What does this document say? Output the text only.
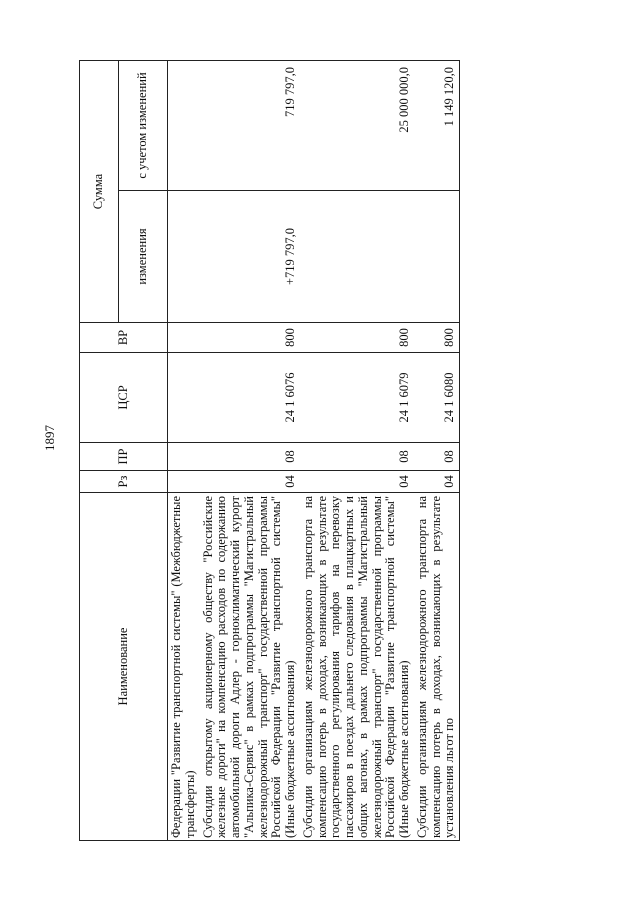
1897
Наименование	Рз	ПР	ЦСР	ВР	Сумма	
					изменения	с учетом изменений
Федерации "Развитие транспортной системы" (Межбюджетные трансферты)						
Субсидии открытому акционерному обществу "Российские железные дороги" на компенсацию расходов по содержанию автомобильной дороги Адлер - горноклиматический курорт "Альпика-Сервис" в рамках подпрограммы "Магистральный железнодорожный транспорт" государственной программы Российской Федерации "Развитие транспортной системы" (Иные бюджетные ассигнования)	04	08	24 1 6076	800	+719 797,0	719 797,0
Субсидии организациям железнодорожного транспорта на компенсацию потерь в доходах, возникающих в результате государственного регулирования тарифов на перевозку пассажиров в поездах дальнего следования в плацкартных и общих вагонах, в рамках подпрограммы "Магистральный железнодорожный транспорт" государственной программы Российской Федерации "Развитие транспортной системы" (Иные бюджетные ассигнования)	04	08	24 1 6079	800		25 000 000,0
Субсидии организациям железнодорожного транспорта на компенсацию потерь в доходах, возникающих в результате установления льгот по	04	08	24 1 6080	800		1 149 120,0
